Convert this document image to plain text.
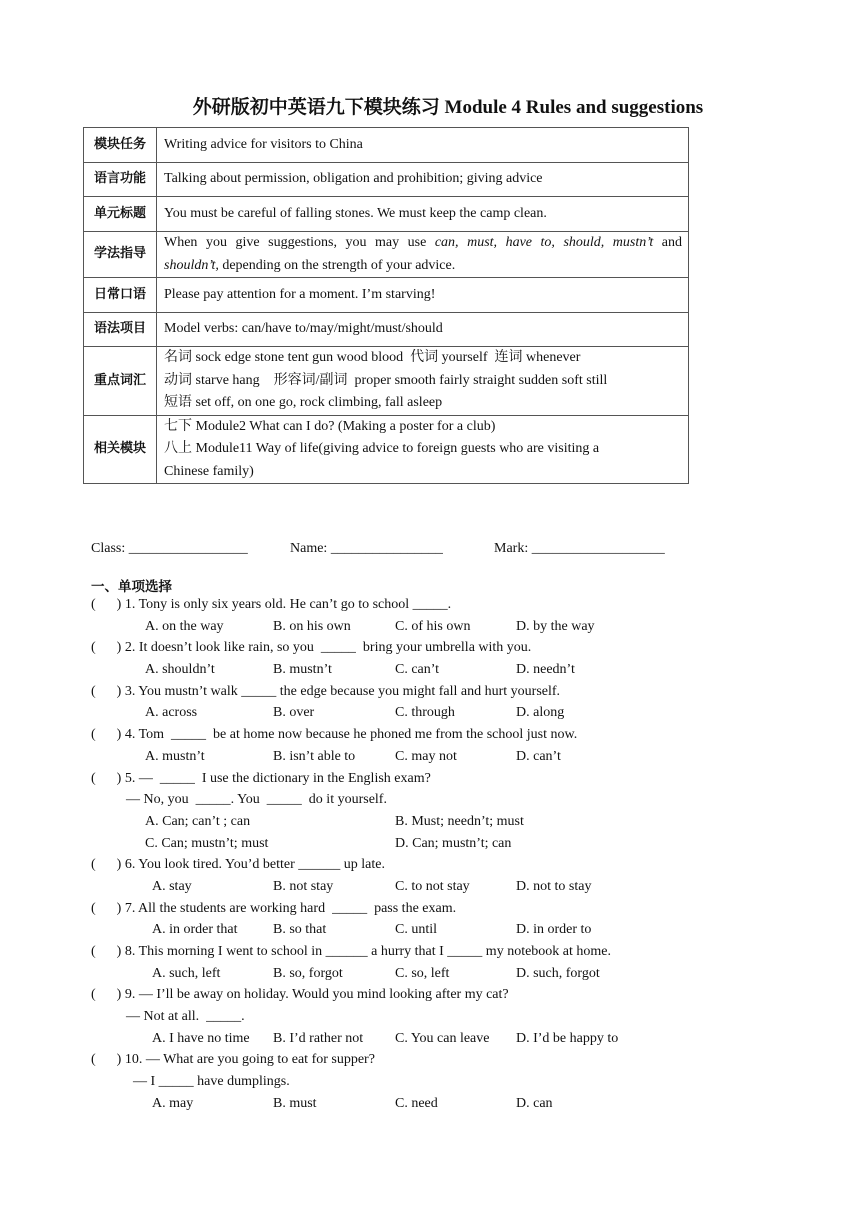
外研版初中英语九下模块练习 Module 4 Rules and suggestions
模块任务	Writing advice for visitors to China
语言功能	Talking about permission, obligation and prohibition; giving advice
单元标题	You must be careful of falling stones. We must keep the camp clean.
学法指导	When you give suggestions, you may use can, must, have to, should, mustn’t and
shouldn’t, depending on the strength of your advice.

日常口语	Please pay attention for a moment. I’m starving!
语法项目	Model verbs: can/have to/may/might/must/should
重点词汇	名词 sock edge stone tent gun wood blood  代词 yourself  连词 whenever
动词 starve hang    形容词/副词  proper smooth fairly straight sudden soft still
短语 set off, on one go, rock climbing, fall asleep

相关模块	七下 Module2 What can I do? (Making a poster for a club)
八上 Module11 Way of life(giving advice to foreign guests who are visiting a
Chinese family)
Class: _________________	Name: ________________	Mark: ___________________
一、单项选择
(      ) 1. Tony is only six years old. He can’t go to school _____.
A. on the way	B. on his own	C. of his own	D. by the way
(      ) 2. It doesn’t look like rain, so you  _____  bring your umbrella with you.
A. shouldn’t	B. mustn’t	C. can’t	D. needn’t
(      ) 3. You mustn’t walk _____ the edge because you might fall and hurt yourself.
A. across	B. over	C. through	D. along
(      ) 4. Tom  _____  be at home now because he phoned me from the school just now.
A. mustn’t	B. isn’t able to	C. may not	D. can’t
(      ) 5. —  _____  I use the dictionary in the English exam?
— No, you  _____. You  _____  do it yourself.
A. Can; can’t ; can	B. Must; needn’t; must
C. Can; mustn’t; must	D. Can; mustn’t; can
(      ) 6. You look tired. You’d better ______ up late.
A. stay	B. not stay	C. to not stay	D. not to stay
(      ) 7. All the students are working hard  _____  pass the exam.
A. in order that	B. so that	C. until	D. in order to
(      ) 8. This morning I went to school in ______ a hurry that I _____ my notebook at home.
A. such, left	B. so, forgot	C. so, left	D. such, forgot
(      ) 9. — I’ll be away on holiday. Would you mind looking after my cat?
— Not at all.  _____.
A. I have no time B. I’d rather not C. You can leave D. I’d be happy to
(      ) 10. — What are you going to eat for supper?
— I _____ have dumplings.
A. may	B. must	C. need	D. can
